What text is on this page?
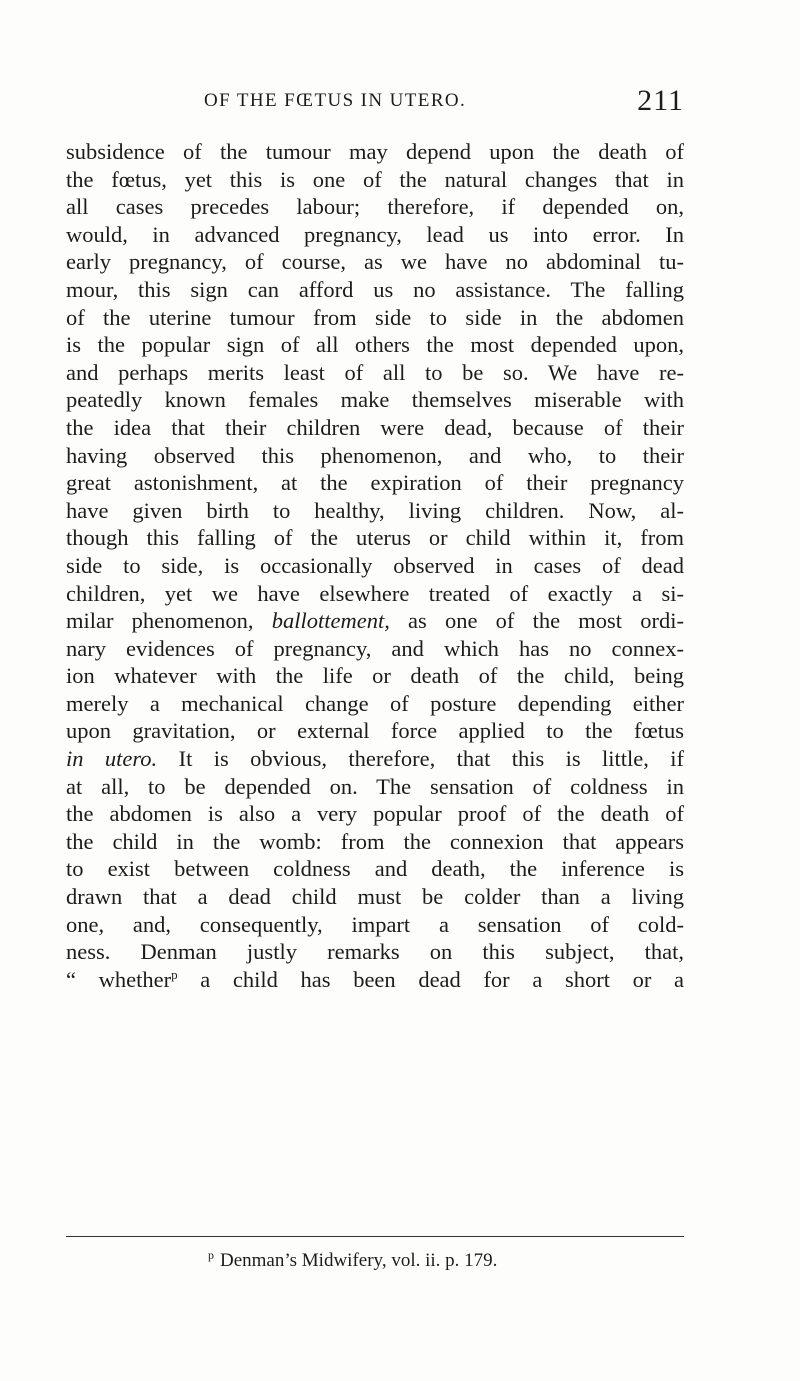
OF THE FŒTUS IN UTERO.	211
subsidence of the tumour may depend upon the death of
the fœtus, yet this is one of the natural changes that in
all cases precedes labour; therefore, if depended on,
would, in advanced pregnancy, lead us into error. In
early pregnancy, of course, as we have no abdominal tu-
mour, this sign can afford us no assistance. The falling
of the uterine tumour from side to side in the abdomen
is the popular sign of all others the most depended upon,
and perhaps merits least of all to be so. We have re-
peatedly known females make themselves miserable with
the idea that their children were dead, because of their
having observed this phenomenon, and who, to their
great astonishment, at the expiration of their pregnancy
have given birth to healthy, living children. Now, al-
though this falling of the uterus or child within it, from
side to side, is occasionally observed in cases of dead
children, yet we have elsewhere treated of exactly a si-
milar phenomenon, ballottement, as one of the most ordi-
nary evidences of pregnancy, and which has no connex-
ion whatever with the life or death of the child, being
merely a mechanical change of posture depending either
upon gravitation, or external force applied to the fœtus
in utero. It is obvious, therefore, that this is little, if
at all, to be depended on. The sensation of coldness in
the abdomen is also a very popular proof of the death of
the child in the womb: from the connexion that appears
to exist between coldness and death, the inference is
drawn that a dead child must be colder than a living
one, and, consequently, impart a sensation of cold-
ness. Denman justly remarks on this subject, that,
“ whether$^p$ a child has been dead for a short or a
$^p$ Denman’s Midwifery, vol. ii. p. 179.
